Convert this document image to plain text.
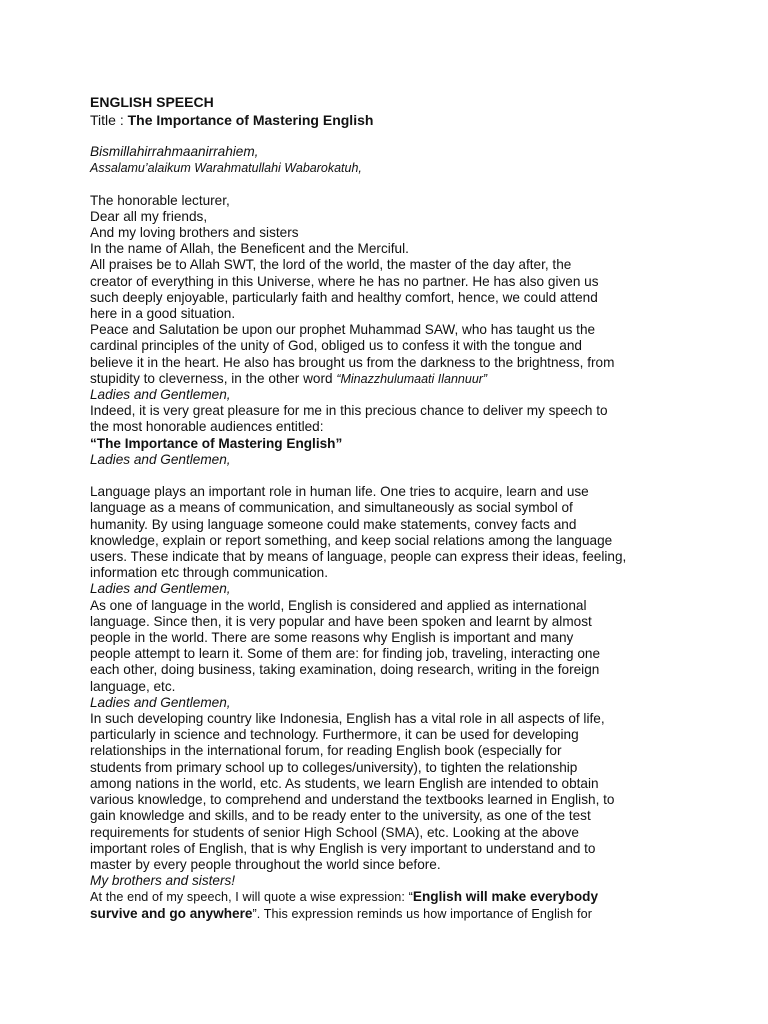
ENGLISH SPEECH

Title : The Importance of Mastering English

Bismillahirrahmaanirrahiem,

Assalamu’alaikum Warahmatullahi Wabarokatuh,

The honorable lecturer,

Dear all my friends,

And my loving brothers and sisters

In the name of Allah, the Beneficent and the Merciful.

All praises be to Allah SWT, the lord of the world, the master of the day after, the

creator of everything in this Universe, where he has no partner. He has also given us

such deeply enjoyable, particularly faith and healthy comfort, hence, we could attend

here in a good situation.

Peace and Salutation be upon our prophet Muhammad SAW, who has taught us the

cardinal principles of the unity of God, obliged us to confess it with the tongue and

believe it in the heart. He also has brought us from the darkness to the brightness, from

stupidity to cleverness, in the other word “Minazzhulumaati Ilannuur”

Ladies and Gentlemen,

Indeed, it is very great pleasure for me in this precious chance to deliver my speech to

the most honorable audiences entitled:

“The Importance of Mastering English”

Ladies and Gentlemen,

Language plays an important role in human life. One tries to acquire, learn and use

language as a means of communication, and simultaneously as social symbol of

humanity. By using language someone could make statements, convey facts and

knowledge, explain or report something, and keep social relations among the language

users. These indicate that by means of language, people can express their ideas, feeling,

information etc through communication.

Ladies and Gentlemen,

As one of language in the world, English is considered and applied as international

language. Since then, it is very popular and have been spoken and learnt by almost

people in the world. There are some reasons why English is important and many

people attempt to learn it. Some of them are: for finding job, traveling, interacting one

each other, doing business, taking examination, doing research, writing in the foreign

language, etc.

Ladies and Gentlemen,

In such developing country like Indonesia, English has a vital role in all aspects of life,

particularly in science and technology. Furthermore, it can be used for developing

relationships in the international forum, for reading English book (especially for

students from primary school up to colleges/university), to tighten the relationship

among nations in the world, etc. As students, we learn English are intended to obtain

various knowledge, to comprehend and understand the textbooks learned in English, to

gain knowledge and skills, and to be ready enter to the university, as one of the test

requirements for students of senior High School (SMA), etc. Looking at the above

important roles of English, that is why English is very important to understand and to

master by every people throughout the world since before.

My brothers and sisters!

At the end of my speech, I will quote a wise expression: “English will make everybody

survive and go anywhere”. This expression reminds us how importance of English for
